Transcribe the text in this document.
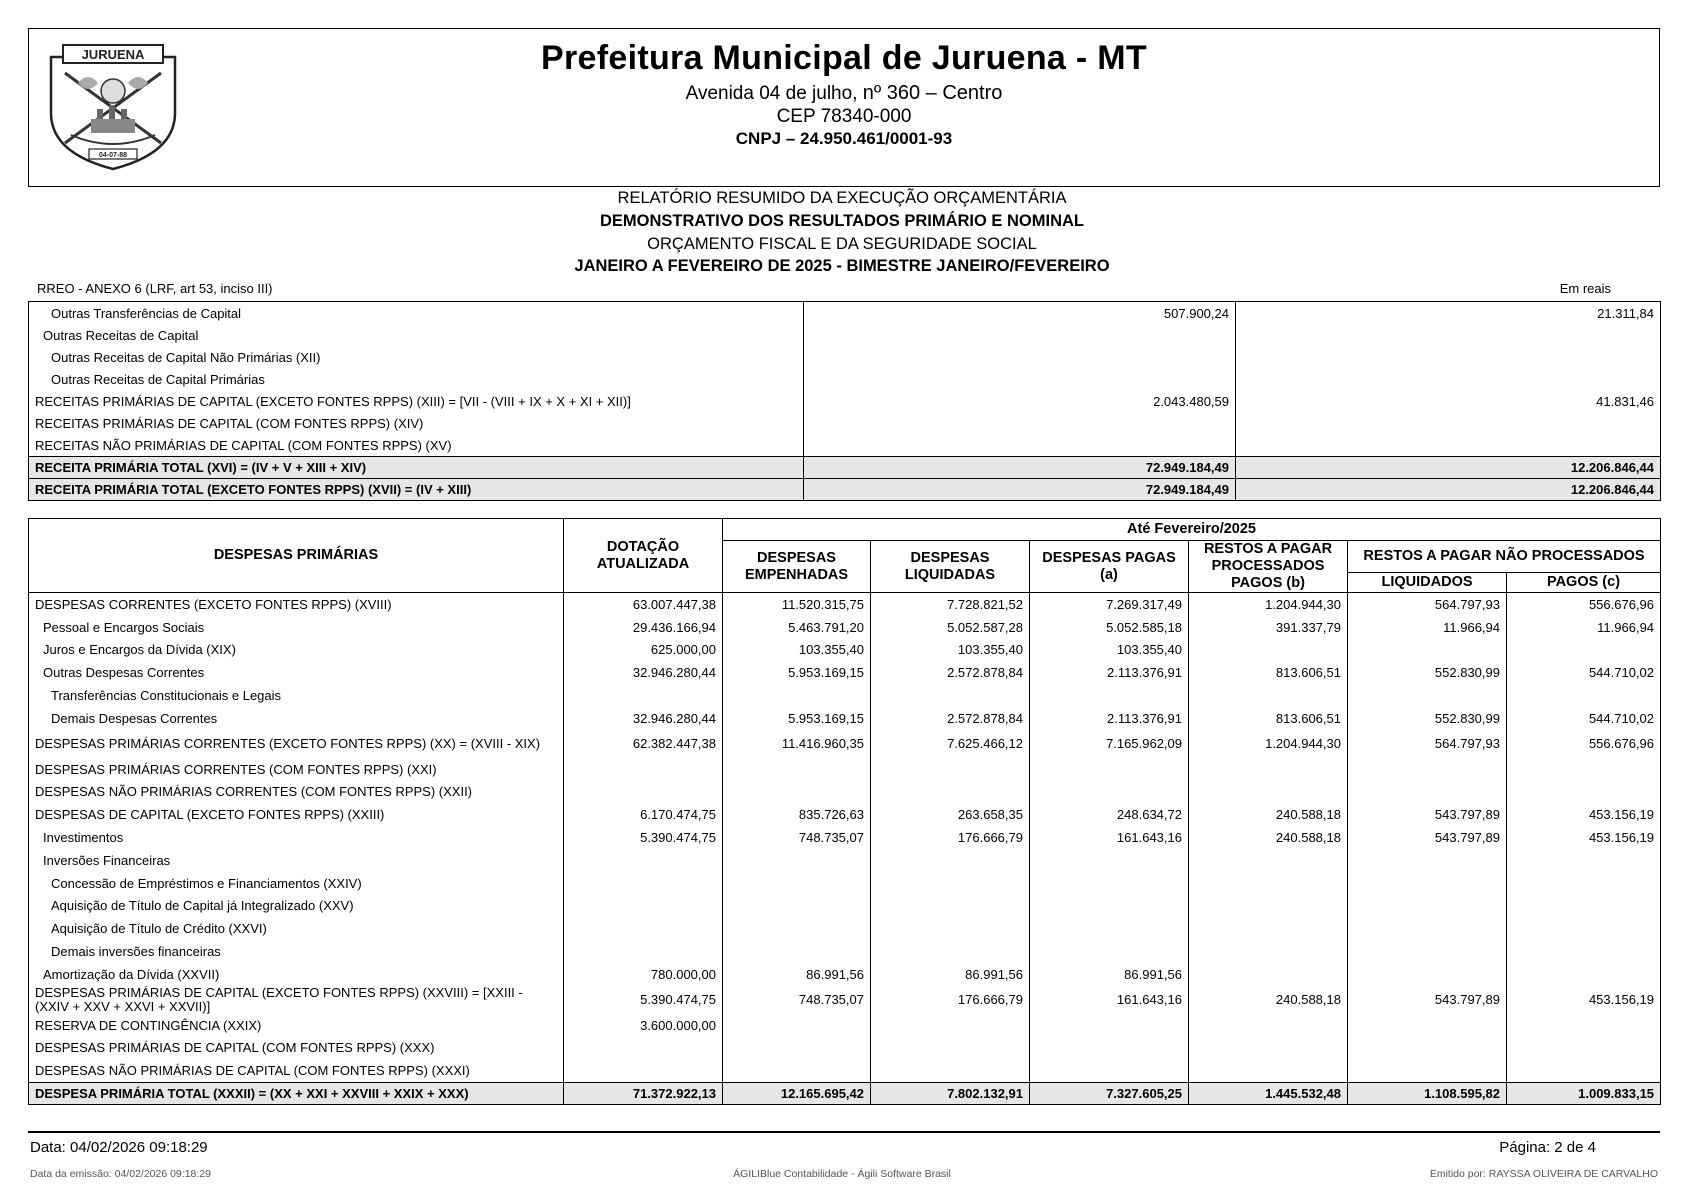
JURUENA
04-07-88
Prefeitura Municipal de Juruena - MT
Avenida 04 de julho, nº 360 – Centro
CEP 78340-000
CNPJ – 24.950.461/0001-93
RELATÓRIO RESUMIDO DA EXECUÇÃO ORÇAMENTÁRIA
DEMONSTRATIVO DOS RESULTADOS PRIMÁRIO E NOMINAL
ORÇAMENTO FISCAL E DA SEGURIDADE SOCIAL
JANEIRO A FEVEREIRO DE 2025 - BIMESTRE JANEIRO/FEVEREIRO
RREO - ANEXO 6 (LRF, art 53, inciso III)	Em reais
Outras Transferências de Capital	507.900,24	21.311,84
Outras Receitas de Capital		
Outras Receitas de Capital Não Primárias (XII)		
Outras Receitas de Capital Primárias		
RECEITAS PRIMÁRIAS DE CAPITAL (EXCETO FONTES RPPS) (XIII) = [VII - (VIII + IX + X + XI + XII)]	2.043.480,59	41.831,46
RECEITAS PRIMÁRIAS DE CAPITAL (COM FONTES RPPS) (XIV)		
RECEITAS NÃO PRIMÁRIAS DE CAPITAL (COM FONTES RPPS) (XV)		
RECEITA PRIMÁRIA TOTAL (XVI) = (IV + V + XIII + XIV)	72.949.184,49	12.206.846,44
RECEITA PRIMÁRIA TOTAL (EXCETO FONTES RPPS) (XVII) = (IV + XIII)	72.949.184,49	12.206.846,44
DESPESAS PRIMÁRIAS	DOTAÇÃO ATUALIZADA	Até Fevereiro/2025					
		DESPESAS EMPENHADAS	DESPESAS LIQUIDADAS	DESPESAS PAGAS (a)	RESTOS A PAGAR PROCESSADOS PAGOS (b)	RESTOS A PAGAR NÃO PROCESSADOS	
						LIQUIDADOS	PAGOS (c)
DESPESAS CORRENTES (EXCETO FONTES RPPS) (XVIII)	63.007.447,38	11.520.315,75	7.728.821,52	7.269.317,49	1.204.944,30	564.797,93	556.676,96
Pessoal e Encargos Sociais	29.436.166,94	5.463.791,20	5.052.587,28	5.052.585,18	391.337,79	11.966,94	11.966,94
Juros e Encargos da Dívida (XIX)	625.000,00	103.355,40	103.355,40	103.355,40			
Outras Despesas Correntes	32.946.280,44	5.953.169,15	2.572.878,84	2.113.376,91	813.606,51	552.830,99	544.710,02
Transferências Constitucionais e Legais							
Demais Despesas Correntes	32.946.280,44	5.953.169,15	2.572.878,84	2.113.376,91	813.606,51	552.830,99	544.710,02
DESPESAS PRIMÁRIAS CORRENTES (EXCETO FONTES RPPS) (XX) = (XVIII - XIX)	62.382.447,38	11.416.960,35	7.625.466,12	7.165.962,09	1.204.944,30	564.797,93	556.676,96
DESPESAS PRIMÁRIAS CORRENTES (COM FONTES RPPS) (XXI)							
DESPESAS NÃO PRIMÁRIAS CORRENTES (COM FONTES RPPS) (XXII)							
DESPESAS DE CAPITAL (EXCETO FONTES RPPS) (XXIII)	6.170.474,75	835.726,63	263.658,35	248.634,72	240.588,18	543.797,89	453.156,19
Investimentos	5.390.474,75	748.735,07	176.666,79	161.643,16	240.588,18	543.797,89	453.156,19
Inversões Financeiras							
Concessão de Empréstimos e Financiamentos (XXIV)							
Aquisição de Título de Capital já Integralizado (XXV)							
Aquisição de Título de Crédito (XXVI)							
Demais inversões financeiras							
Amortização da Dívida (XXVII)	780.000,00	86.991,56	86.991,56	86.991,56			
DESPESAS PRIMÁRIAS DE CAPITAL (EXCETO FONTES RPPS) (XXVIII) = [XXIII - (XXIV + XXV + XXVI + XXVII)]	5.390.474,75	748.735,07	176.666,79	161.643,16	240.588,18	543.797,89	453.156,19
RESERVA DE CONTINGÊNCIA (XXIX)	3.600.000,00						
DESPESAS PRIMÁRIAS DE CAPITAL (COM FONTES RPPS) (XXX)							
DESPESAS NÃO PRIMÁRIAS DE CAPITAL (COM FONTES RPPS) (XXXI)							
DESPESA PRIMÁRIA TOTAL (XXXII) = (XX + XXI + XXVIII + XXIX + XXX)	71.372.922,13	12.165.695,42	7.802.132,91	7.327.605,25	1.445.532,48	1.108.595,82	1.009.833,15
Data: 04/02/2026 09:18:29	Página: 2 de 4
Data da emissão: 04/02/2026 09:18:29	ÁGILIBlue Contabilidade - Ágili Software Brasil	Emitido por: RAYSSA OLIVEIRA DE CARVALHO
